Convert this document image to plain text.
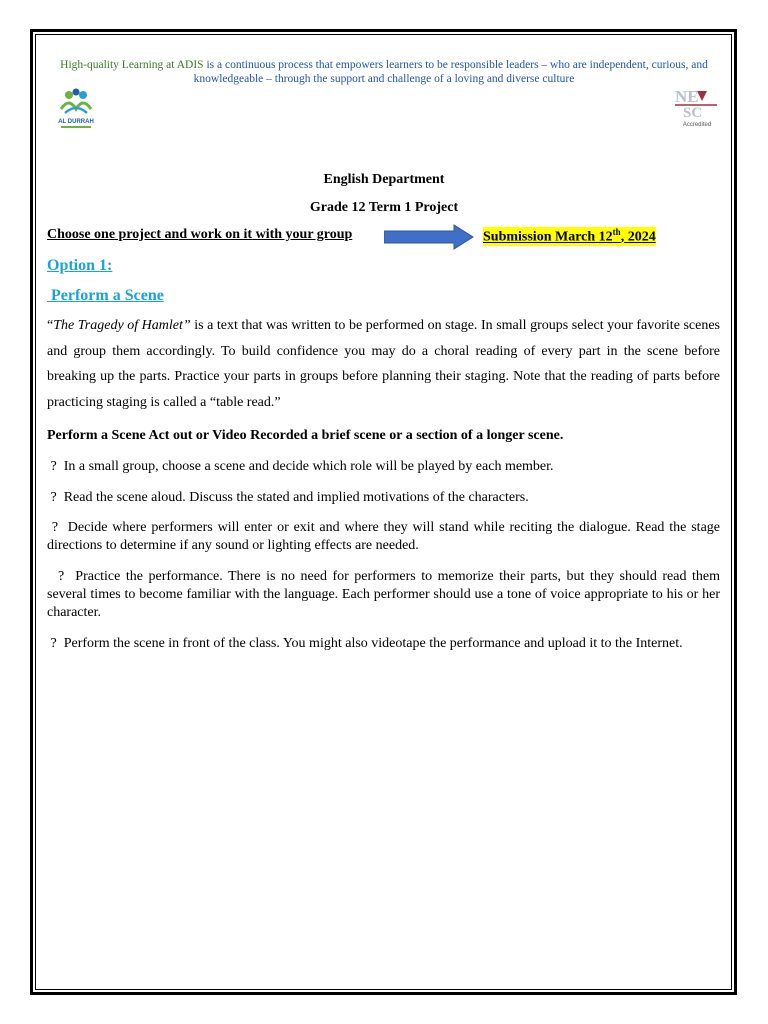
High-quality Learning at ADIS is a continuous process that empowers learners to be responsible leaders – who are independent, curious, and knowledgeable – through the support and challenge of a loving and diverse culture
AL DURRAH
NE
SC
Accredited
English Department
Grade 12 Term 1 Project
Choose one project and work on it with your group	Submission March 12th, 2024
Option 1:
Perform a Scene
“The Tragedy of Hamlet” is a text that was written to be performed on stage. In small groups select your favorite scenes and group them accordingly. To build confidence you may do a choral reading of every part in the scene before breaking up the parts. Practice your parts in groups before planning their staging. Note that the reading of parts before practicing staging is called a “table read.”
Perform a Scene Act out or Video Recorded a brief scene or a section of a longer scene.
?  In a small group, choose a scene and decide which role will be played by each member.
?  Read the scene aloud. Discuss the stated and implied motivations of the characters.
?  Decide where performers will enter or exit and where they will stand while reciting the dialogue. Read the stage directions to determine if any sound or lighting effects are needed.
?  Practice the performance. There is no need for performers to memorize their parts, but they should read them several times to become familiar with the language. Each performer should use a tone of voice appropriate to his or her character.
?  Perform the scene in front of the class. You might also videotape the performance and upload it to the Internet.
